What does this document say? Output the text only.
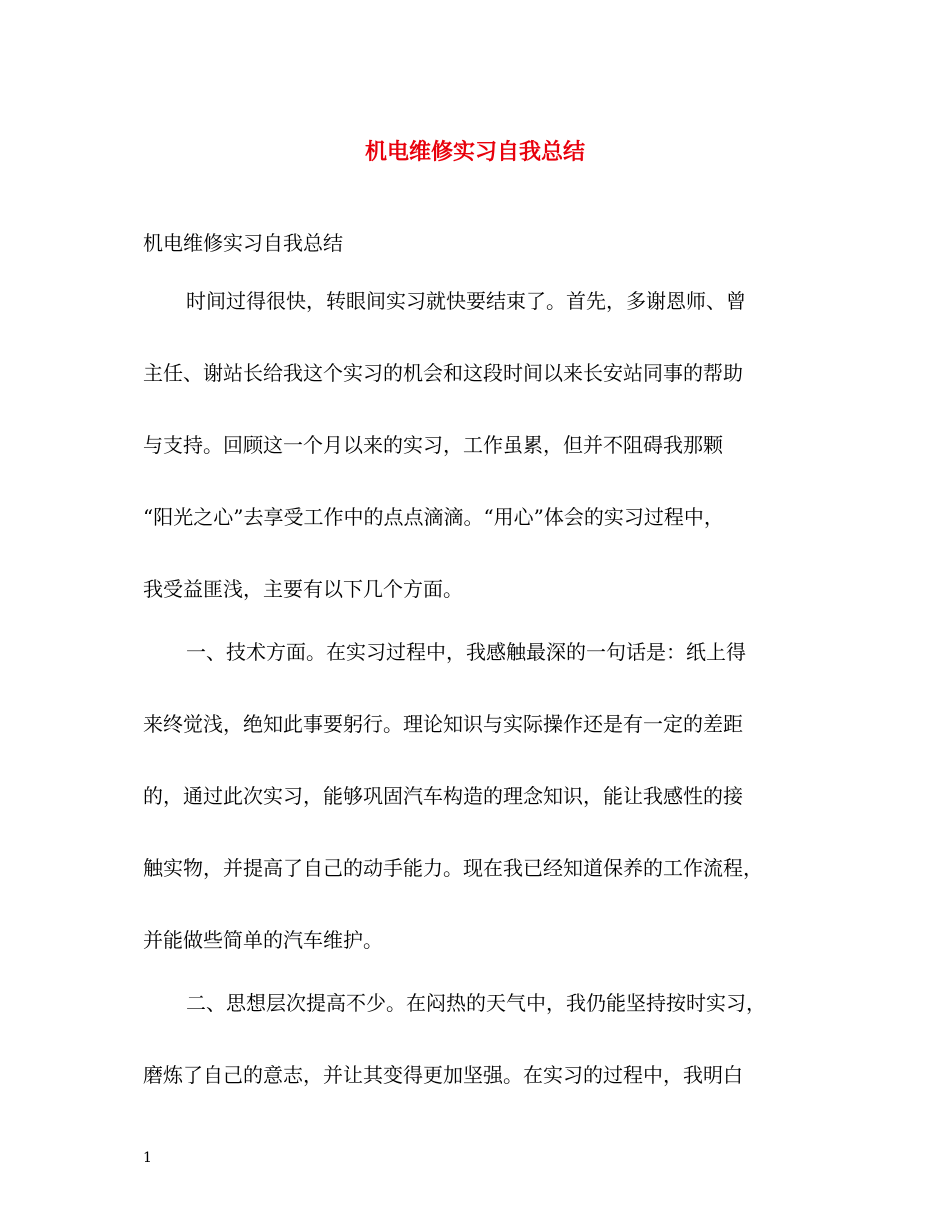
机电维修实习自我总结
机电维修实习自我总结
时间过得很快，转眼间实习就快要结束了。首先，多谢恩师、曾
主任、谢站长给我这个实习的机会和这段时间以来长安站同事的帮助
与支持。回顾这一个月以来的实习，工作虽累，但并不阻碍我那颗
“阳光之心”去享受工作中的点点滴滴。“用心”体会的实习过程中，
我受益匪浅，主要有以下几个方面。
一、技术方面。在实习过程中，我感触最深的一句话是：纸上得
来终觉浅，绝知此事要躬行。理论知识与实际操作还是有一定的差距
的，通过此次实习，能够巩固汽车构造的理念知识，能让我感性的接
触实物，并提高了自己的动手能力。现在我已经知道保养的工作流程，
并能做些简单的汽车维护。
二、思想层次提高不少。在闷热的天气中，我仍能坚持按时实习，
磨炼了自己的意志，并让其变得更加坚强。在实习的过程中，我明白
1
